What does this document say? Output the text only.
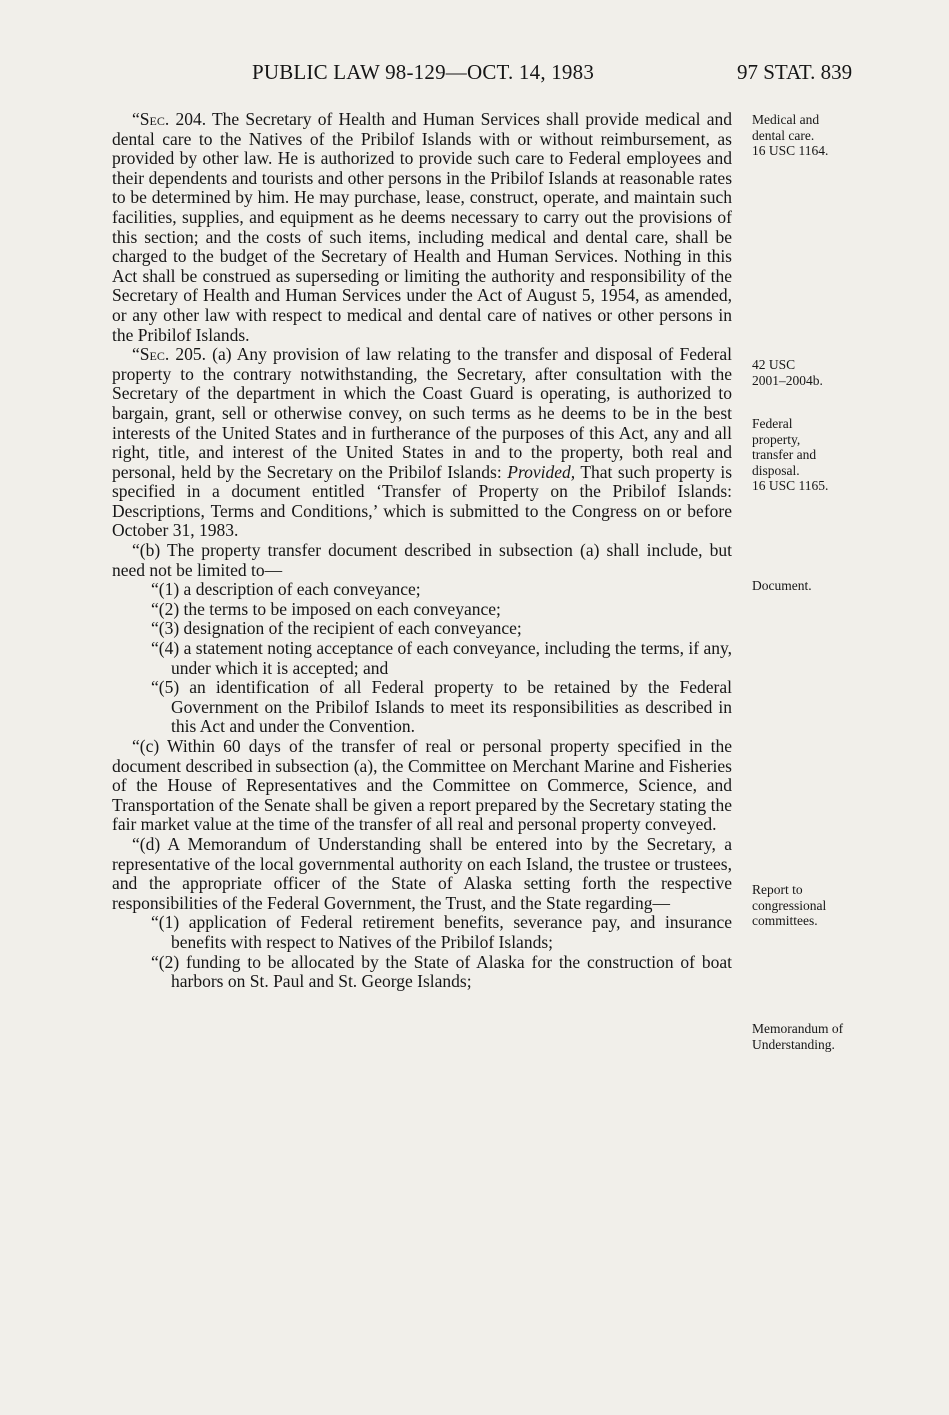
PUBLIC LAW 98-129—OCT. 14, 1983	97 STAT. 839

“Sec. 204. The Secretary of Health and Human Services shall provide medical and dental care to the Natives of the Pribilof Islands with or without reimbursement, as provided by other law. He is authorized to provide such care to Federal employees and their dependents and tourists and other persons in the Pribilof Islands at reasonable rates to be determined by him. He may purchase, lease, construct, operate, and maintain such facilities, supplies, and equipment as he deems necessary to carry out the provisions of this section; and the costs of such items, including medical and dental care, shall be charged to the budget of the Secretary of Health and Human Services. Nothing in this Act shall be construed as superseding or limiting the authority and responsibility of the Secretary of Health and Human Services under the Act of August 5, 1954, as amended, or any other law with respect to medical and dental care of natives or other persons in the Pribilof Islands.

“Sec. 205. (a) Any provision of law relating to the transfer and disposal of Federal property to the contrary notwithstanding, the Secretary, after consultation with the Secretary of the department in which the Coast Guard is operating, is authorized to bargain, grant, sell or otherwise convey, on such terms as he deems to be in the best interests of the United States and in furtherance of the purposes of this Act, any and all right, title, and interest of the United States in and to the property, both real and personal, held by the Secretary on the Pribilof Islands: Provided, That such property is specified in a document entitled ‘Transfer of Property on the Pribilof Islands: Descriptions, Terms and Conditions,’ which is submitted to the Congress on or before October 31, 1983.

“(b) The property transfer document described in subsection (a) shall include, but need not be limited to—

“(1) a description of each conveyance;

“(2) the terms to be imposed on each conveyance;

“(3) designation of the recipient of each conveyance;

“(4) a statement noting acceptance of each conveyance, including the terms, if any, under which it is accepted; and

“(5) an identification of all Federal property to be retained by the Federal Government on the Pribilof Islands to meet its responsibilities as described in this Act and under the Convention.

“(c) Within 60 days of the transfer of real or personal property specified in the document described in subsection (a), the Committee on Merchant Marine and Fisheries of the House of Representatives and the Committee on Commerce, Science, and Transportation of the Senate shall be given a report prepared by the Secretary stating the fair market value at the time of the transfer of all real and personal property conveyed.

“(d) A Memorandum of Understanding shall be entered into by the Secretary, a representative of the local governmental authority on each Island, the trustee or trustees, and the appropriate officer of the State of Alaska setting forth the respective responsibilities of the Federal Government, the Trust, and the State regarding—

“(1) application of Federal retirement benefits, severance pay, and insurance benefits with respect to Natives of the Pribilof Islands;

“(2) funding to be allocated by the State of Alaska for the construction of boat harbors on St. Paul and St. George Islands;

Medical and
dental care.
16 USC 1164.
42 USC
2001–2004b.
Federal
property,
transfer and
disposal.
16 USC 1165.
Document.
Report to
congressional
committees.
Memorandum of
Understanding.
